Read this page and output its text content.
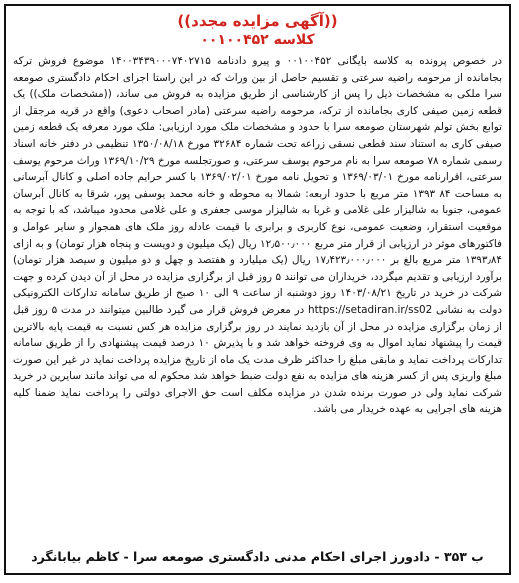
((آگهی مزایده مجدد))
کلاسه ۰۰۱۰۰۴۵۲
در خصوص پرونده به کلاسه بایگانی ۰۰۱۰۰۴۵۲ و پیرو دادنامه ۱۴۰۰۳۴۳۹۰۰۰۷۴۰۲۷۱۵ موضوع فروش ترکه بجامانده از مرحومه راضیه سرعتی و تقسیم حاصل از بین وراث که در این راستا اجرای احکام دادگستری صومعه سرا ملکی به مشخصات ذیل را پس از کارشناسی از طریق مزایده به فروش می ساند، ((مشخصات ملک)) یک قطعه زمین صیفی کاری بجامانده از ترکه، مرحومه راضیه سرعتی (مادر اصحاب دعوی) واقع در قریه مرجقل از توابع بخش تولم شهرستان صومعه سرا با حدود و مشخصات ملک مورد ارزیابی: ملک مورد معرفه یک قطعه زمین صیفی کاری به استناد سند قطعی نسقی زراعه تحت شماره ۳۲۶۸۴ مورخ ۱۳۵۰/۰۸/۱۸ تنظیمی در دفتر خانه اسناد رسمی شماره ۷۸ صومعه سرا به نام مرحوم یوسف سرعتی، و صورتجلسه مورخ ۱۳۶۹/۱۰/۲۹ وراث مرحوم یوسف سرعتی، اقرارنامه مورخ ۱۳۶۹/۰۳/۰۱ و تحویل نامه مورخ ۱۳۶۹/۰۲/۰۱ با کسر حرایم جاده اصلی و کانال آبرسانی به مساحت ۸۴ ۱۳۹۳ متر مربع با حدود اربعه: شمالا به محوطه و خانه محمد یوسفی پور، شرقا به کانال آبرسان عمومی، جنوبا به شالیزار علی غلامی و غربا به شالیزار موسی جعفری و علی غلامی محدود میباشد، که با توجه به موقعیت استقرار، وضعیت عمومی، نوع کاربری و برابری با قیمت عادله روز ملک های همجوار و سایر عوامل و فاکتورهای موثر در ارزیابی از قرار متر مربع ۱۲٫۵۰۰٫۰۰۰ ریال (یک میلیون و دویست و پنجاه هزار تومان) و به ازای ۱۳۹۳٫۸۴ متر مربع بالغ بر ۱۷٫۴۲۳٫۰۰۰٫۰۰۰ ریال (یک میلیارد و هفتصد و چهل و دو میلیون و سیصد هزار تومان) برآورد ارزیابی و تقدیم میگردد، خریداران می توانند ۵ روز قبل از برگزاری مزایده در محل از آن دیدن کرده و جهت شرکت در خرید در تاریخ ۱۴۰۳/۰۸/۲۱ روز دوشنبه از ساعت ۹ الی ۱۰ صبح از طریق سامانه تدارکات الکترونیکی دولت به نشانی https://setadiran.ir/ss02 در معرض فروش قرار می گیرد طالبین میتوانند در مدت ۵ روز قبل از زمان برگزاری مزایده در محل از آن بازدید نمایند در روز برگزاری مزایده هر کس نسبت به قیمت پایه بالاترین قیمت را پیشنهاد نماید اموال به وی فروخته خواهد شد و با پذیرش ۱۰ درصد قیمت پیشنهادی را از طریق سامانه تدارکات پرداخت نماید و مابقی مبلغ را حداکثر ظرف مدت یک ماه از تاریخ مزایده پرداخت نماید در غیر این صورت مبلغ واریزی پس از کسر هزینه های مزایده به نفع دولت ضبط خواهد شد محکوم له می تواند مانند سایرین در خرید شرکت نماید ولی در صورت برنده شدن در مزایده مکلف است حق الاجرای دولتی را پرداخت نماید ضمنا کلیه هزینه های اجرایی به عهده خریدار می باشد.
ب ۳۵۳ - دادورز اجرای احکام مدنی دادگستری صومعه سرا - کاظم بیابانگرد
